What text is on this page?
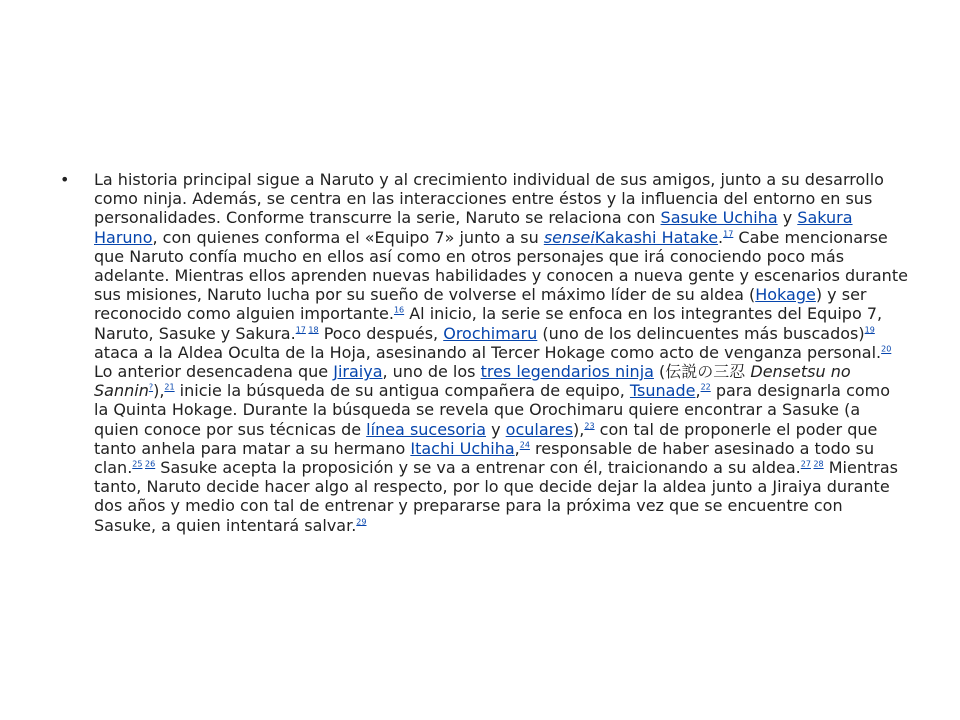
• La historia principal sigue a Naruto y al crecimiento individual de sus amigos, junto a su desarrollo como ninja. Además, se centra en las interacciones entre éstos y la influencia del entorno en sus personalidades. Conforme transcurre la serie, Naruto se relaciona con Sasuke Uchiha y Sakura Haruno, con quienes conforma el «Equipo 7» junto a su senseiKakashi Hatake.$^{17}$ Cabe mencionarse que Naruto confía mucho en ellos así como en otros personajes que irá conociendo poco más adelante. Mientras ellos aprenden nuevas habilidades y conocen a nueva gente y escenarios durante sus misiones, Naruto lucha por su sueño de volverse el máximo líder de su aldea (Hokage) y ser reconocido como alguien importante.$^{16}$ Al inicio, la serie se enfoca en los integrantes del Equipo 7, Naruto, Sasuke y Sakura.$^{17 18}$ Poco después, Orochimaru (uno de los delincuentes más buscados)$^{19}$ ataca a la Aldea Oculta de la Hoja, asesinando al Tercer Hokage como acto de venganza personal.$^{20}$ Lo anterior desencadena que Jiraiya, uno de los tres legendarios ninja (伝説の三忍 Densetsu no Sannin?),$^{21}$ inicie la búsqueda de su antigua compañera de equipo, Tsunade,$^{22}$ para designarla como la Quinta Hokage. Durante la búsqueda se revela que Orochimaru quiere encontrar a Sasuke (a quien conoce por sus técnicas de línea sucesoria y oculares),$^{23}$ con tal de proponerle el poder que tanto anhela para matar a su hermano Itachi Uchiha,$^{24}$ responsable de haber asesinado a todo su clan.$^{25 26}$ Sasuke acepta la proposición y se va a entrenar con él, traicionando a su aldea.$^{27 28}$ Mientras tanto, Naruto decide hacer algo al respecto, por lo que decide dejar la aldea junto a Jiraiya durante dos años y medio con tal de entrenar y prepararse para la próxima vez que se encuentre con Sasuke, a quien intentará salvar.$^{29}$
